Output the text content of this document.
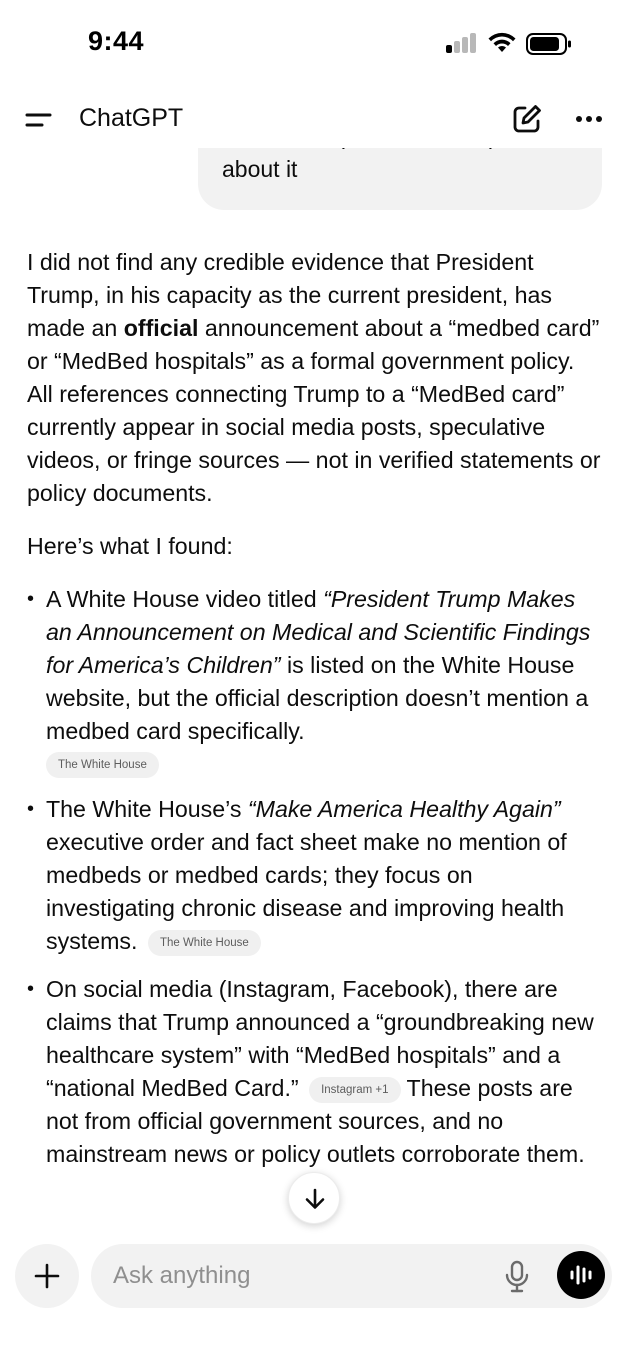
9:44
ChatGPT

about it

I did not find any credible evidence that President Trump, in his capacity as the current president, has made an official announcement about a “medbed card” or “MedBed hospitals” as a formal government policy. All references connecting Trump to a “MedBed card” currently appear in social media posts, speculative videos, or fringe sources — not in verified statements or policy documents.

Here’s what I found:

• A White House video titled “President Trump Makes an Announcement on Medical and Scientific Findings for America’s Children” is listed on the White House website, but the official description doesn’t mention a medbed card specifically.
The White House
• The White House’s “Make America Healthy Again” executive order and fact sheet make no mention of medbeds or medbed cards; they focus on investigating chronic disease and improving health systems. The White House
• On social media (Instagram, Facebook), there are claims that Trump announced a “groundbreaking new healthcare system” with “MedBed hospitals” and a “national MedBed Card.” Instagram +1 These posts are not from official government sources, and no mainstream news or policy outlets corroborate them.
Ask anything
